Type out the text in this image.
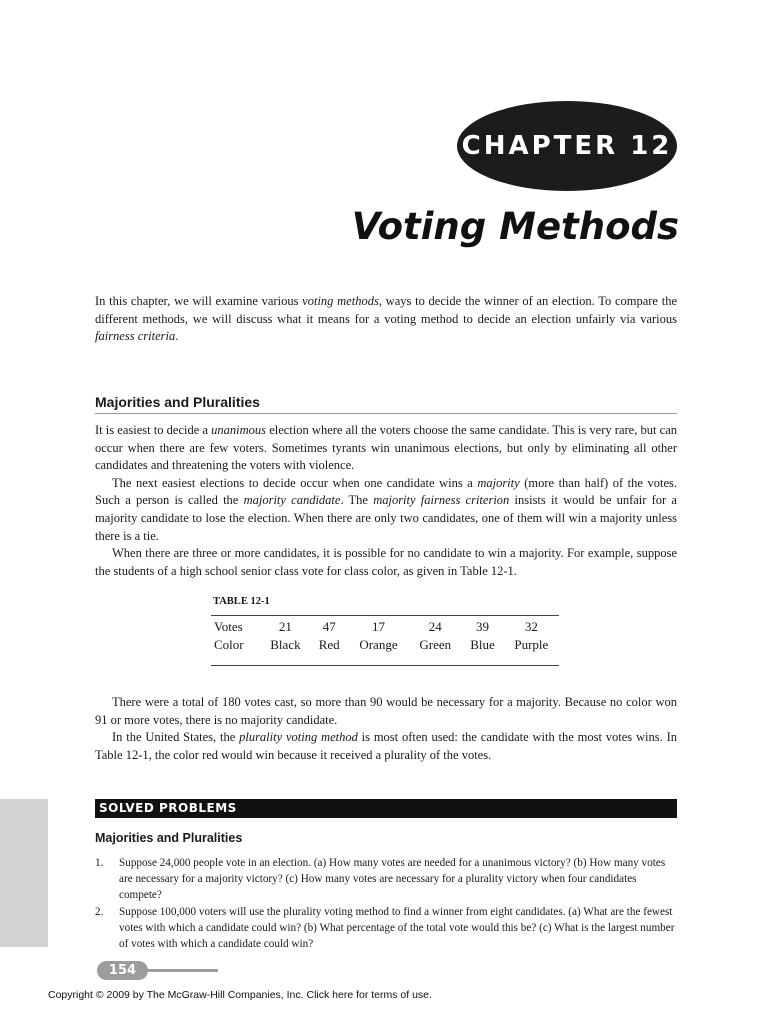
CHAPTER 12
Voting Methods

In this chapter, we will examine various voting methods, ways to decide the winner of an election. To compare the different methods, we will discuss what it means for a voting method to decide an election unfairly via various fairness criteria.

Majorities and Pluralities

It is easiest to decide a unanimous election where all the voters choose the same candidate. This is very rare, but can occur when there are few voters. Sometimes tyrants win unanimous elections, but only by eliminating all other candidates and threatening the voters with violence.

The next easiest elections to decide occur when one candidate wins a majority (more than half) of the votes. Such a person is called the majority candidate. The majority fairness criterion insists it would be unfair for a majority candidate to lose the election. When there are only two candidates, one of them will win a majority unless there is a tie.

When there are three or more candidates, it is possible for no candidate to win a majority. For example, suppose the students of a high school senior class vote for class color, as given in Table 12-1.

TABLE 12-1
Votes	21	47	17	24	39	32
Color	Black	Red	Orange	Green	Blue	Purple

There were a total of 180 votes cast, so more than 90 would be necessary for a majority. Because no color won 91 or more votes, there is no majority candidate.

In the United States, the plurality voting method is most often used: the candidate with the most votes wins. In Table 12-1, the color red would win because it received a plurality of the votes.

SOLVED PROBLEMS
Majorities and Pluralities
1.	Suppose 24,000 people vote in an election. (a) How many votes are needed for a unanimous victory? (b) How many votes are necessary for a majority victory? (c) How many votes are necessary for a plurality victory when four candidates compete?
2.	Suppose 100,000 voters will use the plurality voting method to find a winner from eight candidates. (a) What are the fewest votes with which a candidate could win? (b) What percentage of the total vote would this be? (c) What is the largest number of votes with which a candidate could win?
154
Copyright © 2009 by The McGraw-Hill Companies, Inc. Click here for terms of use.
